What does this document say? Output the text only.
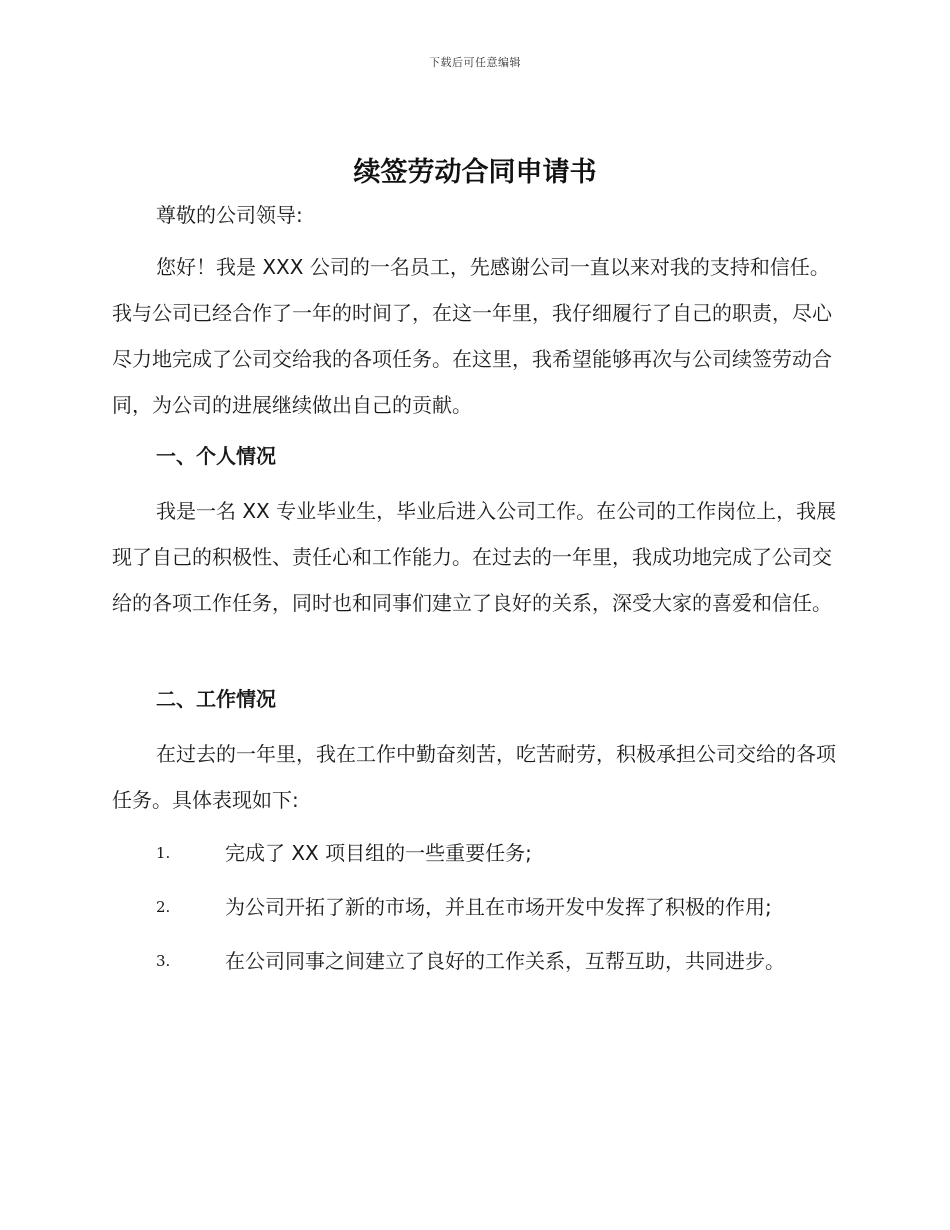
下载后可任意编辑
续签劳动合同申请书
尊敬的公司领导:
您好！我是 XXX 公司的一名员工，先感谢公司一直以来对我的支持和信任。我与公司已经合作了一年的时间了，在这一年里，我仔细履行了自己的职责，尽心尽力地完成了公司交给我的各项任务。在这里，我希望能够再次与公司续签劳动合同，为公司的进展继续做出自己的贡献。
一、个人情况
我是一名 XX 专业毕业生，毕业后进入公司工作。在公司的工作岗位上，我展现了自己的积极性、责任心和工作能力。在过去的一年里，我成功地完成了公司交给的各项工作任务，同时也和同事们建立了良好的关系，深受大家的喜爱和信任。
二、工作情况
在过去的一年里，我在工作中勤奋刻苦，吃苦耐劳，积极承担公司交给的各项任务。具体表现如下:
1.	完成了 XX 项目组的一些重要任务;
2.	为公司开拓了新的市场，并且在市场开发中发挥了积极的作用;
3.	在公司同事之间建立了良好的工作关系，互帮互助，共同进步。
